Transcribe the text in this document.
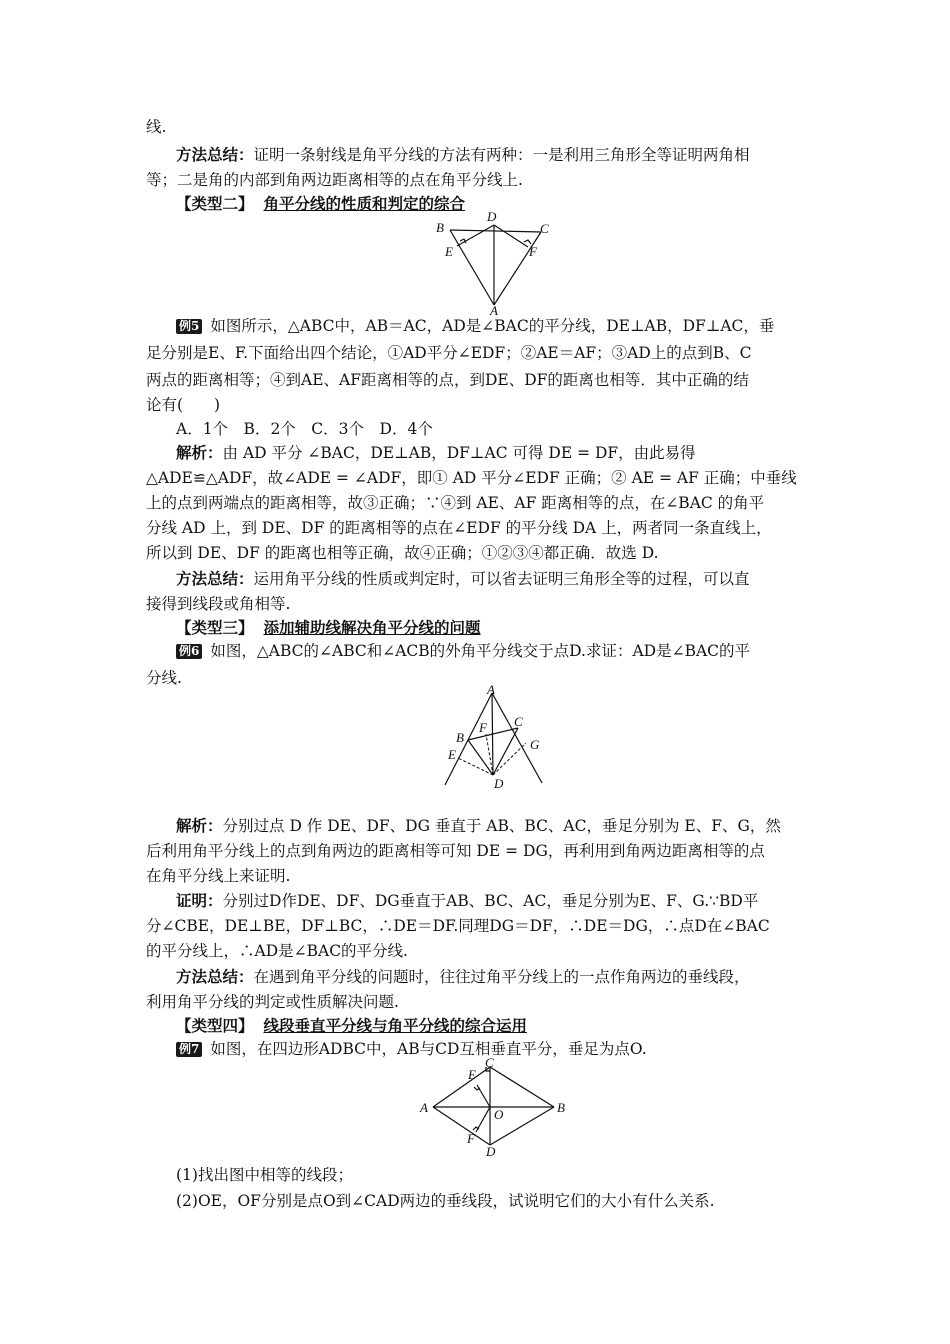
线.
方法总结：证明一条射线是角平分线的方法有两种：一是利用三角形全等证明两角相
等；二是角的内部到角两边距离相等的点在角平分线上.
【类型二】 角平分线的性质和判定的综合
B
D
C
E	F
A
例5 如图所示，△ABC中，AB＝AC，AD是∠BAC的平分线，DE⊥AB，DF⊥AC，垂
足分别是E、F.下面给出四个结论，①AD平分∠EDF；②AE＝AF；③AD上的点到B、C
两点的距离相等；④到AE、AF距离相等的点，到DE、DF的距离也相等．其中正确的结
论有(　　)
A．1个　B．2个　C．3个　D．4个
解析：由 AD 平分 ∠BAC，DE⊥AB，DF⊥AC 可得 DE = DF，由此易得
△ADE≌△ADF，故∠ADE = ∠ADF，即① AD 平分∠EDF 正确；② AE = AF 正确；中垂线
上的点到两端点的距离相等，故③正确；∵④到 AE、AF 距离相等的点，在∠BAC 的角平
分线 AD 上，到 DE、DF 的距离相等的点在∠EDF 的平分线 DA 上，两者同一条直线上，
所以到 DE、DF 的距离也相等正确，故④正确；①②③④都正确．故选 D.
方法总结：运用角平分线的性质或判定时，可以省去证明三角形全等的过程，可以直
接得到线段或角相等.
【类型三】 添加辅助线解决角平分线的问题
例6 如图，△ABC的∠ABC和∠ACB的外角平分线交于点D.求证：AD是∠BAC的平
分线.
A
C
B
F
E
G
D
解析：分别过点 D 作 DE、DF、DG 垂直于 AB、BC、AC，垂足分别为 E、F、G，然
后利用角平分线上的点到角两边的距离相等可知 DE = DG，再利用到角两边距离相等的点
在角平分线上来证明.
证明：分别过D作DE、DF、DG垂直于AB、BC、AC，垂足分别为E、F、G.∵BD平
分∠CBE，DE⊥BE，DF⊥BC，∴DE＝DF.同理DG＝DF，∴DE＝DG，∴点D在∠BAC
的平分线上，∴AD是∠BAC的平分线.
方法总结：在遇到角平分线的问题时，往往过角平分线上的一点作角两边的垂线段，
利用角平分线的判定或性质解决问题.
【类型四】 线段垂直平分线与角平分线的综合运用
例7 如图，在四边形ADBC中，AB与CD互相垂直平分，垂足为点O.
C
E
A	O	B
F
D
(1)找出图中相等的线段；
(2)OE，OF分别是点O到∠CAD两边的垂线段，试说明它们的大小有什么关系.
